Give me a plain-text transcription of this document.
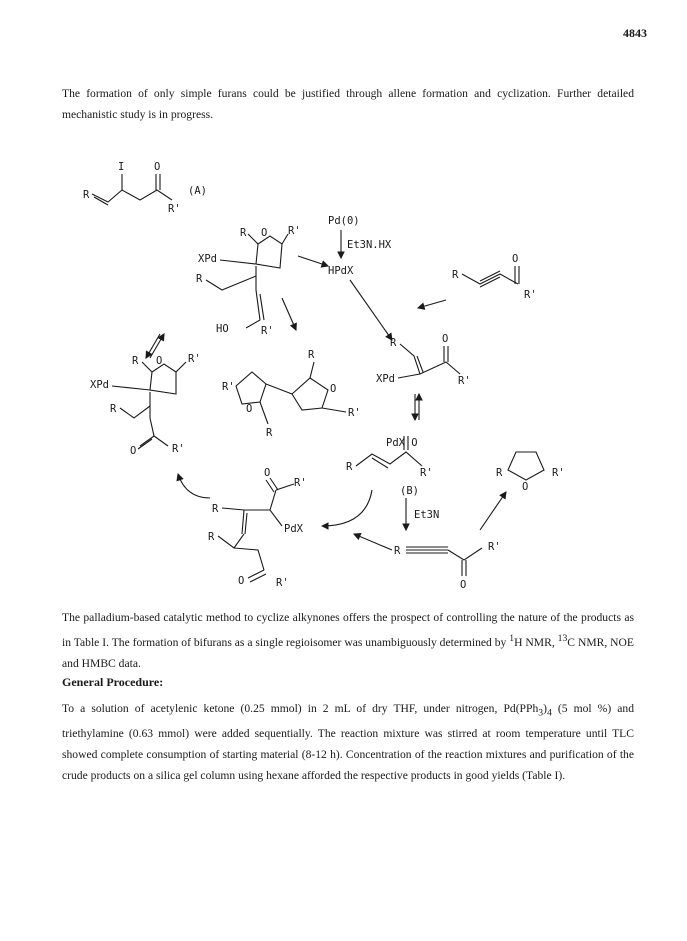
4843

The formation of only simple furans could be justified through allene formation and cyclization. Further detailed mechanistic study is in progress.

R
I	O
R'
(A)
Pd(0)
Et3N.HX
HPdX
R O R'
XPd
R
HO	R'
R
O
R'
R	O
XPd	R'
R O R'
XPd
R
O	R'
R'
O
R
R
O
R'
PdX O
R	R'
(B)
R
O
R'
Et3N
R
O
R'
O
R'
R
PdX
R
O	R'

The palladium-based catalytic method to cyclize alkynones offers the prospect of controlling the nature of the products as in Table I. The formation of bifurans as a single regioisomer was unambiguously determined by $^1$H NMR, $^{13}$C NMR, NOE and HMBC data.

General Procedure:

To a solution of acetylenic ketone (0.25 mmol) in 2 mL of dry THF, under nitrogen, $Pd(PPh_3)_4$ (5 mol %) and triethylamine (0.63 mmol) were added sequentially. The reaction mixture was stirred at room temperature until TLC showed complete consumption of starting material (8-12 h). Concentration of the reaction mixtures and purification of the crude products on a silica gel column using hexane afforded the respective products in good yields (Table I).
